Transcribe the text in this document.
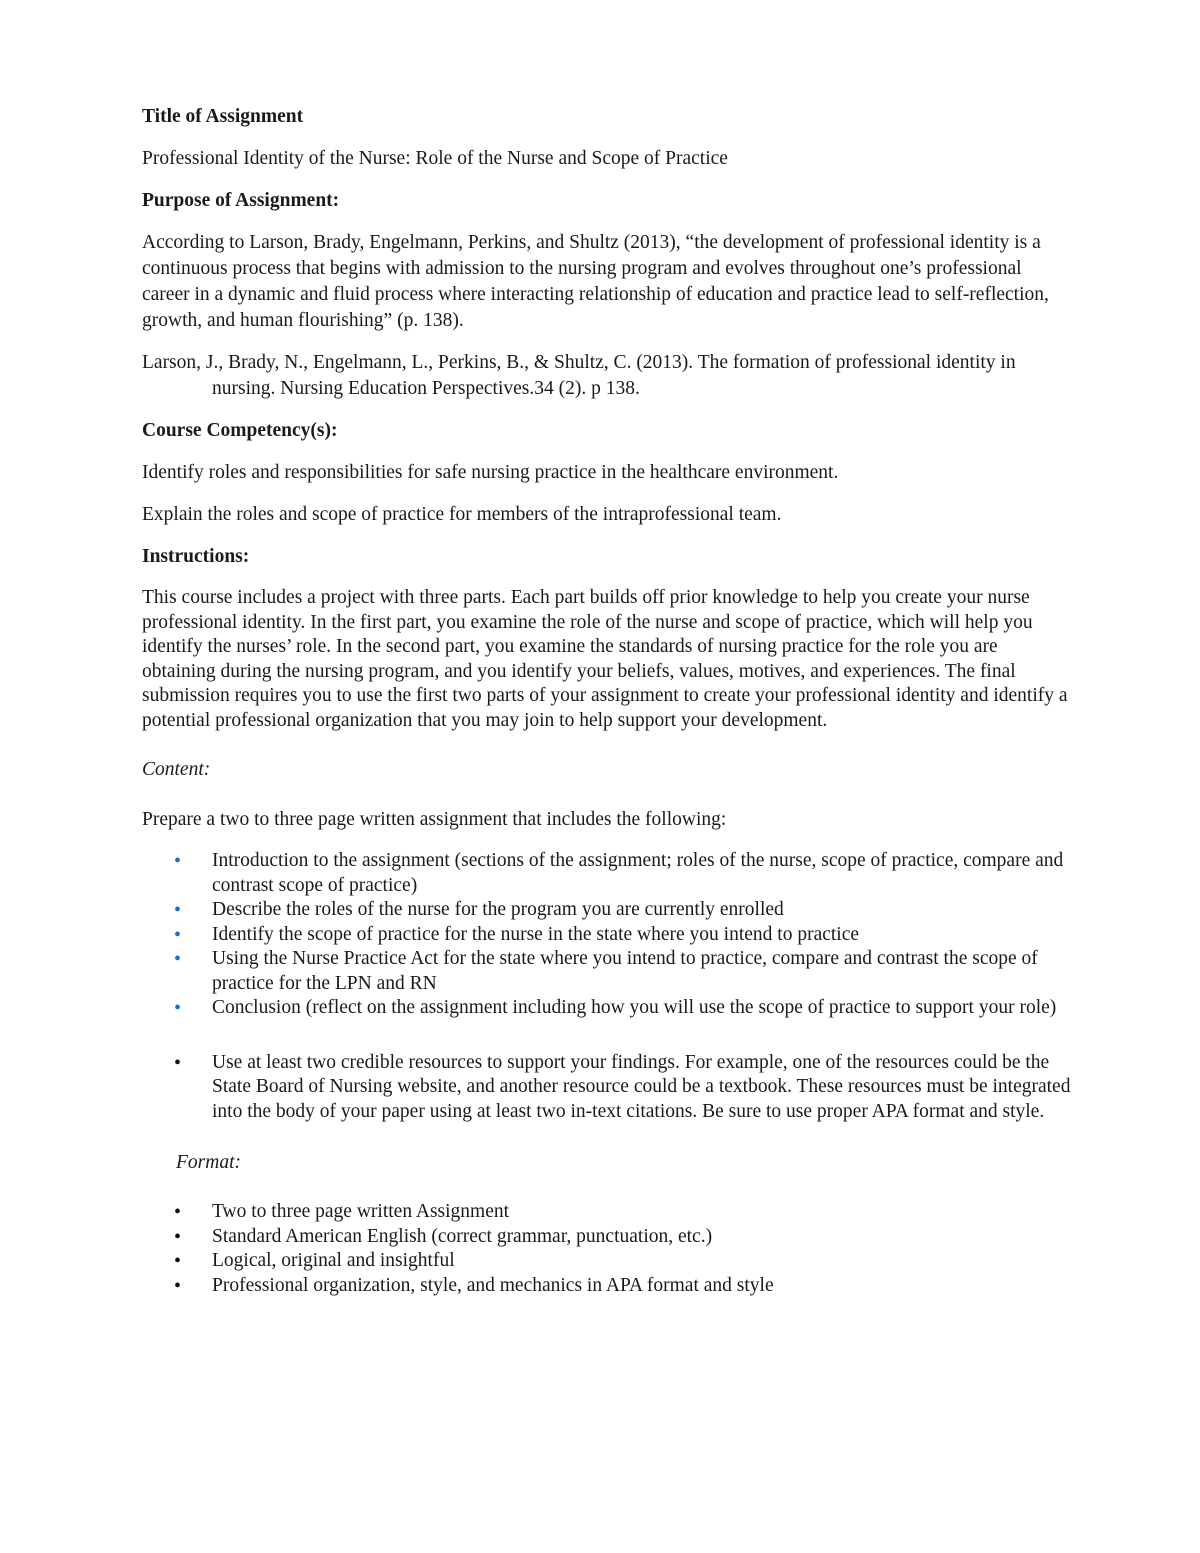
Title of Assignment
Professional Identity of the Nurse: Role of the Nurse and Scope of Practice
Purpose of Assignment:
According to Larson, Brady, Engelmann, Perkins, and Shultz (2013), “the development of professional identity is a continuous process that begins with admission to the nursing program and evolves throughout one’s professional career in a dynamic and fluid process where interacting relationship of education and practice lead to self-reflection, growth, and human flourishing” (p. 138).
Larson, J., Brady, N., Engelmann, L., Perkins, B., & Shultz, C. (2013). The formation of professional identity in nursing. Nursing Education Perspectives.34 (2). p 138.
Course Competency(s):
Identify roles and responsibilities for safe nursing practice in the healthcare environment.
Explain the roles and scope of practice for members of the intraprofessional team.
Instructions:
This course includes a project with three parts. Each part builds off prior knowledge to help you create your nurse professional identity. In the first part, you examine the role of the nurse and scope of practice, which will help you identify the nurses’ role. In the second part, you examine the standards of nursing practice for the role you are obtaining during the nursing program, and you identify your beliefs, values, motives, and experiences. The final submission requires you to use the first two parts of your assignment to create your professional identity and identify a potential professional organization that you may join to help support your development.
Content:
Prepare a two to three page written assignment that includes the following:
• Introduction to the assignment (sections of the assignment; roles of the nurse, scope of practice, compare and contrast scope of practice)
• Describe the roles of the nurse for the program you are currently enrolled
• Identify the scope of practice for the nurse in the state where you intend to practice
• Using the Nurse Practice Act for the state where you intend to practice, compare and contrast the scope of practice for the LPN and RN
• Conclusion (reflect on the assignment including how you will use the scope of practice to support your role)
• Use at least two credible resources to support your findings. For example, one of the resources could be the State Board of Nursing website, and another resource could be a textbook. These resources must be integrated into the body of your paper using at least two in-text citations. Be sure to use proper APA format and style.
Format:
• Two to three page written Assignment
• Standard American English (correct grammar, punctuation, etc.)
• Logical, original and insightful
• Professional organization, style, and mechanics in APA format and style
